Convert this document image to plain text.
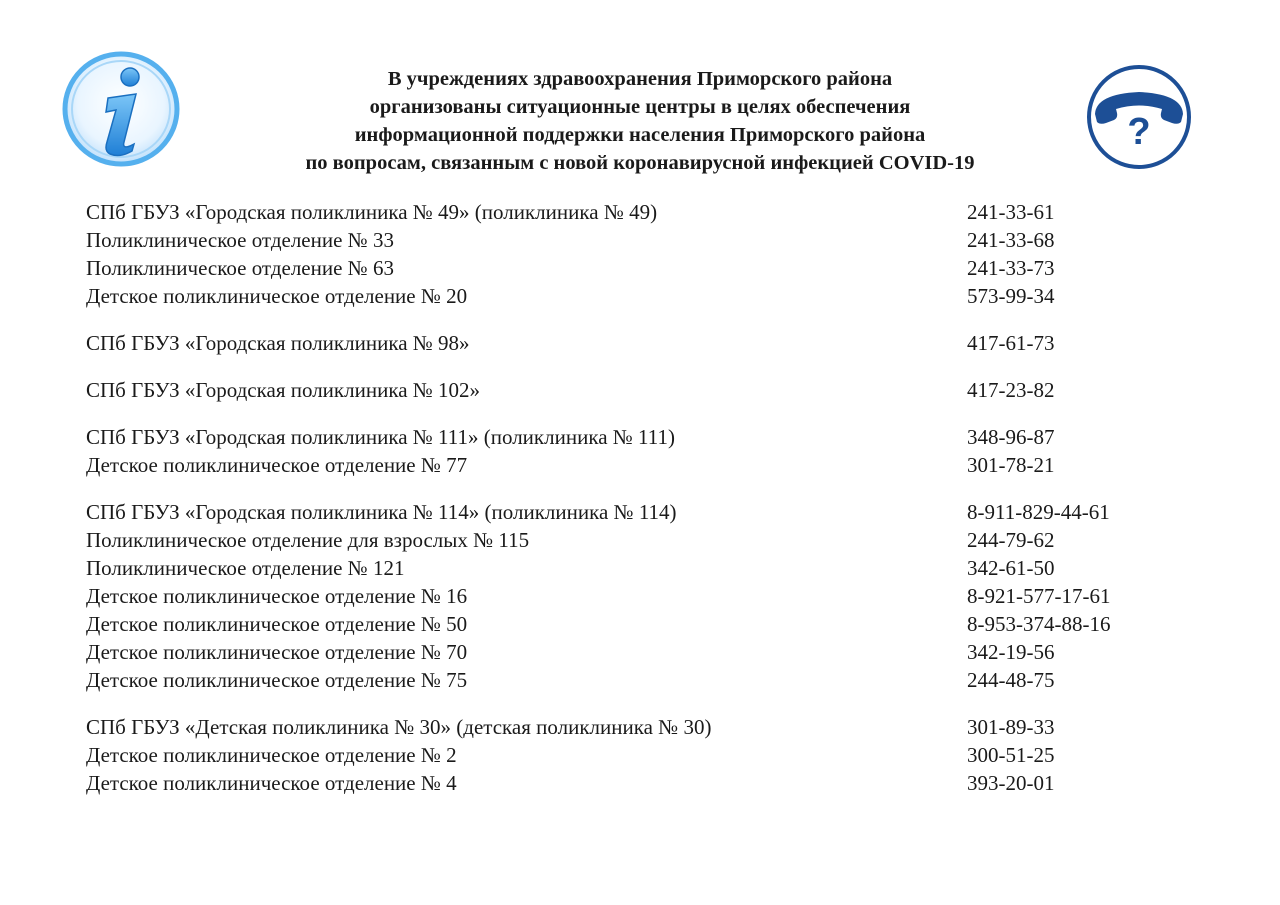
?
В учреждениях здравоохранения Приморского района
организованы ситуационные центры в целях обеспечения
информационной поддержки населения Приморского района
по вопросам, связанным с новой коронавирусной инфекцией COVID-19
СПб ГБУЗ «Городская поликлиника № 49» (поликлиника № 49)	241-33-61
Поликлиническое отделение № 33	241-33-68
Поликлиническое отделение № 63	241-33-73
Детское поликлиническое отделение № 20	573-99-34
СПб ГБУЗ «Городская поликлиника № 98»	417-61-73
СПб ГБУЗ «Городская поликлиника № 102»	417-23-82
СПб ГБУЗ «Городская поликлиника № 111» (поликлиника № 111)	348-96-87
Детское поликлиническое отделение № 77	301-78-21
СПб ГБУЗ «Городская поликлиника № 114» (поликлиника № 114)	8-911-829-44-61
Поликлиническое отделение для взрослых № 115	244-79-62
Поликлиническое отделение № 121	342-61-50
Детское поликлиническое отделение № 16	8-921-577-17-61
Детское поликлиническое отделение № 50	8-953-374-88-16
Детское поликлиническое отделение № 70	342-19-56
Детское поликлиническое отделение № 75	244-48-75
СПб ГБУЗ «Детская поликлиника № 30» (детская поликлиника № 30)	301-89-33
Детское поликлиническое отделение № 2	300-51-25
Детское поликлиническое отделение № 4	393-20-01
